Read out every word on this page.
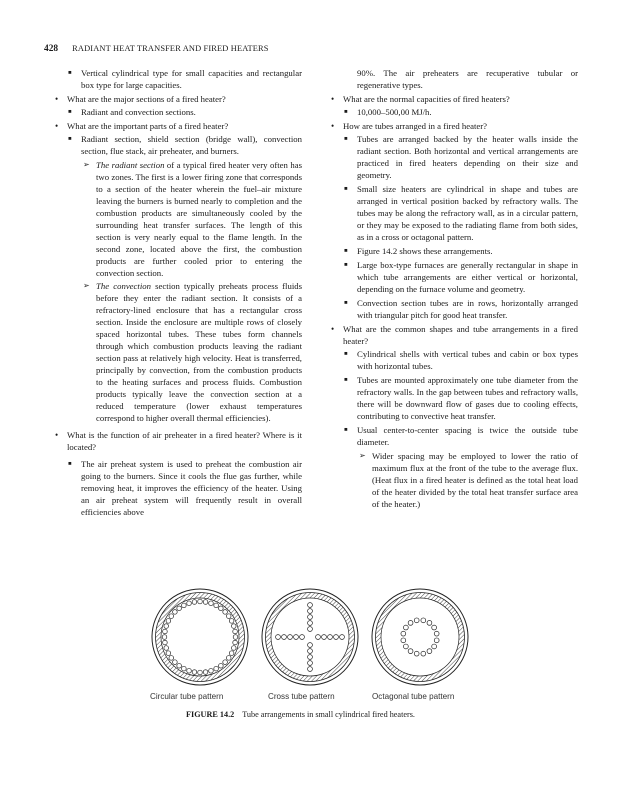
428 RADIANT HEAT TRANSFER AND FIRED HEATERS
■ Vertical cylindrical type for small capacities and rectangular box type for large capacities.
• What are the major sections of a fired heater?
■ Radiant and convection sections.
• What are the important parts of a fired heater?
■ Radiant section, shield section (bridge wall), convection section, flue stack, air preheater, and burners.
➢ The radiant section of a typical fired heater very often has two zones. The first is a lower firing zone that corresponds to a section of the heater wherein the fuel–air mixture leaving the burners is burned nearly to completion and the combustion products are simultaneously cooled by the surrounding heat transfer surfaces. The length of this section is very nearly equal to the flame length. In the second zone, located above the first, the combustion products are further cooled prior to entering the convection section.
➢ The convection section typically preheats process fluids before they enter the radiant section. It consists of a refractory-lined enclosure that has a rectangular cross section. Inside the enclosure are multiple rows of closely spaced horizontal tubes. These tubes form channels through which combustion products leaving the radiant section pass at relatively high velocity. Heat is transferred, principally by convection, from the combustion products to the heating surfaces and process fluids. Combustion products typically leave the convection section at a reduced temperature (lower exhaust temperatures correspond to higher overall thermal efficiencies).
• What is the function of air preheater in a fired heater? Where is it located?
■ The air preheat system is used to preheat the combustion air going to the burners. Since it cools the flue gas further, while removing heat, it improves the efficiency of the heater. Using an air preheat system will frequently result in overall efficiencies above
90%. The air preheaters are recuperative tubular or regenerative types.
• What are the normal capacities of fired heaters?
■ 10,000–500,00 MJ/h.
• How are tubes arranged in a fired heater?
■ Tubes are arranged backed by the heater walls inside the radiant section. Both horizontal and vertical arrangements are practiced in fired heaters depending on their size and geometry.
■ Small size heaters are cylindrical in shape and tubes are arranged in vertical position backed by refractory walls. The tubes may be along the refractory wall, as in a circular pattern, or they may be exposed to the radiating flame from both sides, as in a cross or octagonal pattern.
■ Figure 14.2 shows these arrangements.
■ Large box-type furnaces are generally rectangular in shape in which tube arrangements are either vertical or horizontal, depending on the furnace volume and geometry.
■ Convection section tubes are in rows, horizontally arranged with triangular pitch for good heat transfer.
• What are the common shapes and tube arrangements in a fired heater?
■ Cylindrical shells with vertical tubes and cabin or box types with horizontal tubes.
■ Tubes are mounted approximately one tube diameter from the refractory walls. In the gap between tubes and refractory walls, there will be downward flow of gases due to cooling effects, contributing to convective heat transfer.
■ Usual center-to-center spacing is twice the outside tube diameter.
➢ Wider spacing may be employed to lower the ratio of maximum flux at the front of the tube to the average flux. (Heat flux in a fired heater is defined as the total heat load of the heater divided by the total heat transfer surface area of the heater.)
Circular tube pattern	Cross tube pattern	Octagonal tube pattern
FIGURE 14.2 Tube arrangements in small cylindrical fired heaters.
